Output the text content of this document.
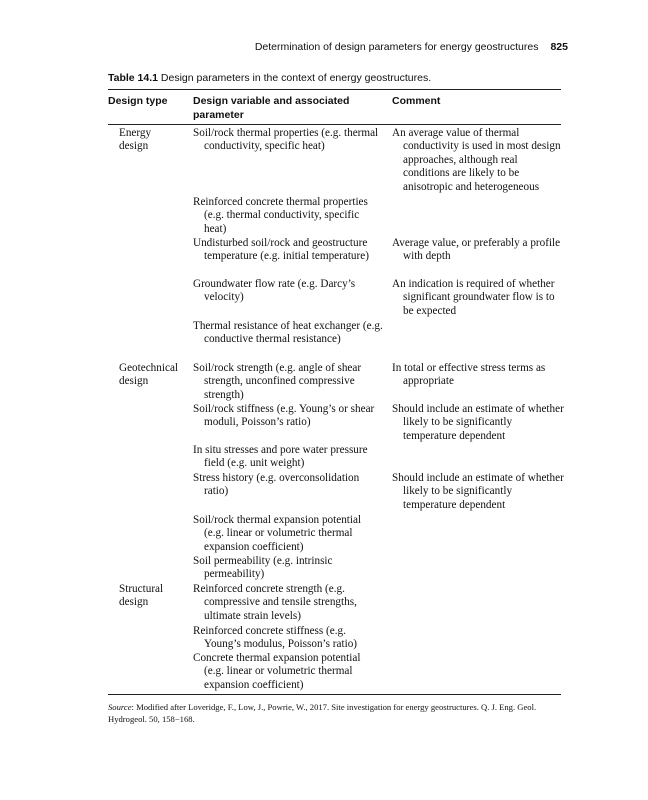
Determination of design parameters for energy geostructures 825
Table 14.1 Design parameters in the context of energy geostructures.
Design type Design variable and associated parameter
Comment
Energy design
Geotechnical design
Structural design
Soil/rock thermal properties (e.g. thermal conductivity, specific heat)
Reinforced concrete thermal properties (e.g. thermal conductivity, specific heat)
Undisturbed soil/rock and geostructure temperature (e.g. initial temperature)
Groundwater flow rate (e.g. Darcy’s velocity)
Thermal resistance of heat exchanger (e.g. conductive thermal resistance)
Soil/rock strength (e.g. angle of shear strength, unconfined compressive strength)
Soil/rock stiffness (e.g. Young’s or shear moduli, Poisson’s ratio)
In situ stresses and pore water pressure field (e.g. unit weight)
Stress history (e.g. overconsolidation ratio)
Soil/rock thermal expansion potential (e.g. linear or volumetric thermal expansion coefficient)
Soil permeability (e.g. intrinsic permeability)
Reinforced concrete strength (e.g. compressive and tensile strengths, ultimate strain levels)
Reinforced concrete stiffness (e.g. Young’s modulus, Poisson’s ratio)
Concrete thermal expansion potential (e.g. linear or volumetric thermal expansion coefficient)
An average value of thermal conductivity is used in most design approaches, although real conditions are likely to be anisotropic and heterogeneous
Average value, or preferably a profile with depth
An indication is required of whether significant groundwater flow is to be expected
In total or effective stress terms as appropriate
Should include an estimate of whether likely to be significantly temperature dependent
Should include an estimate of whether likely to be significantly temperature dependent
Source: Modified after Loveridge, F., Low, J., Powrie, W., 2017. Site investigation for energy geostructures. Q. J. Eng. Geol. Hydrogeol. 50, 158−168.
